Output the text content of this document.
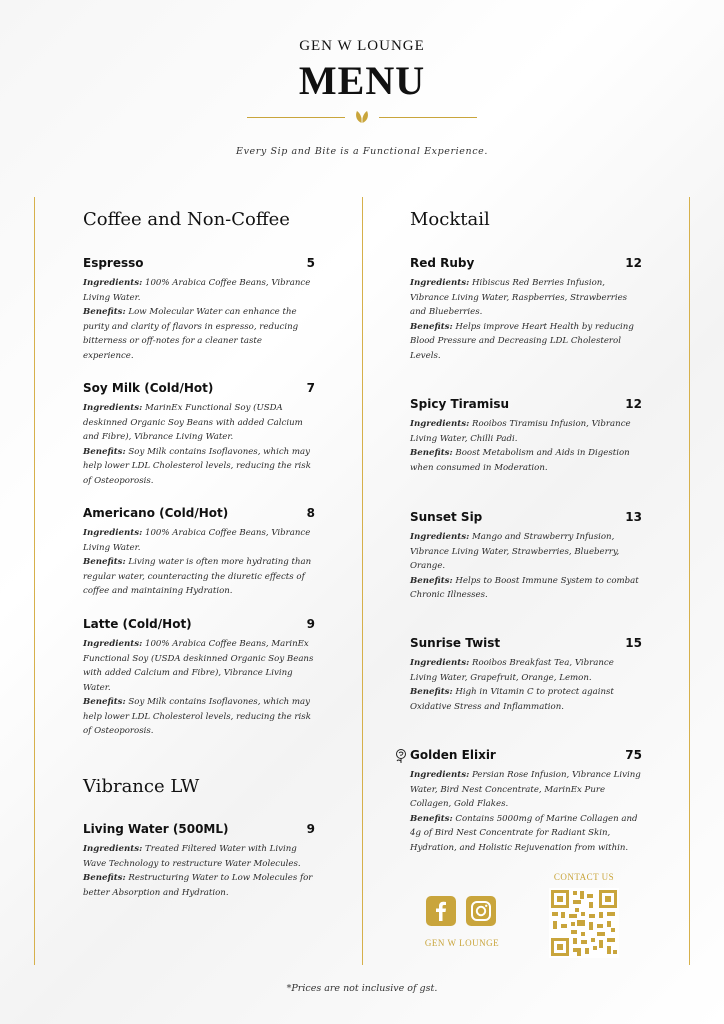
GEN W LOUNGE
MENU
Every Sip and Bite is a Functional Experience.
Coffee and Non-Coffee
Espresso	5
Ingredients: 100% Arabica Coffee Beans, Vibrance Living Water.
Benefits: Low Molecular Water can enhance the purity and clarity of flavors in espresso, reducing bitterness or off-notes for a cleaner taste experience.
Soy Milk (Cold/Hot)	7
Ingredients: MarinEx Functional Soy (USDA deskinned Organic Soy Beans with added Calcium and Fibre), Vibrance Living Water.
Benefits: Soy Milk contains Isoflavones, which may help lower LDL Cholesterol levels, reducing the risk of Osteoporosis.
Americano (Cold/Hot)	8
Ingredients: 100% Arabica Coffee Beans, Vibrance Living Water.
Benefits: Living water is often more hydrating than regular water, counteracting the diuretic effects of coffee and maintaining Hydration.
Latte (Cold/Hot)	9
Ingredients: 100% Arabica Coffee Beans, MarinEx Functional Soy (USDA deskinned Organic Soy Beans with added Calcium and Fibre), Vibrance Living Water.
Benefits: Soy Milk contains Isoflavones, which may help lower LDL Cholesterol levels, reducing the risk of Osteoporosis.
Vibrance LW
Living Water (500ML)	9
Ingredients: Treated Filtered Water with Living Wave Technology to restructure Water Molecules.
Benefits: Restructuring Water to Low Molecules for better Absorption and Hydration.
Mocktail
Red Ruby	12
Ingredients: Hibiscus Red Berries Infusion, Vibrance Living Water, Raspberries, Strawberries and Blueberries.
Benefits: Helps improve Heart Health by reducing Blood Pressure and Decreasing LDL Cholesterol Levels.
Spicy Tiramisu	12
Ingredients: Rooibos Tiramisu Infusion, Vibrance Living Water, Chilli Padi.
Benefits: Boost Metabolism and Aids in Digestion when consumed in Moderation.
Sunset Sip	13
Ingredients: Mango and Strawberry Infusion, Vibrance Living Water, Strawberries, Blueberry, Orange.
Benefits: Helps to Boost Immune System to combat Chronic Illnesses.
Sunrise Twist	15
Ingredients: Rooibos Breakfast Tea, Vibrance Living Water, Grapefruit, Orange, Lemon.
Benefits: High in Vitamin C to protect against Oxidative Stress and Inflammation.
Golden Elixir	75
Ingredients: Persian Rose Infusion, Vibrance Living Water, Bird Nest Concentrate, MarinEx Pure Collagen, Gold Flakes.
Benefits: Contains 5000mg of Marine Collagen and 4g of Bird Nest Concentrate for Radiant Skin, Hydration, and Holistic Rejuvenation from within.
GEN W LOUNGE
CONTACT US
*Prices are not inclusive of gst.
